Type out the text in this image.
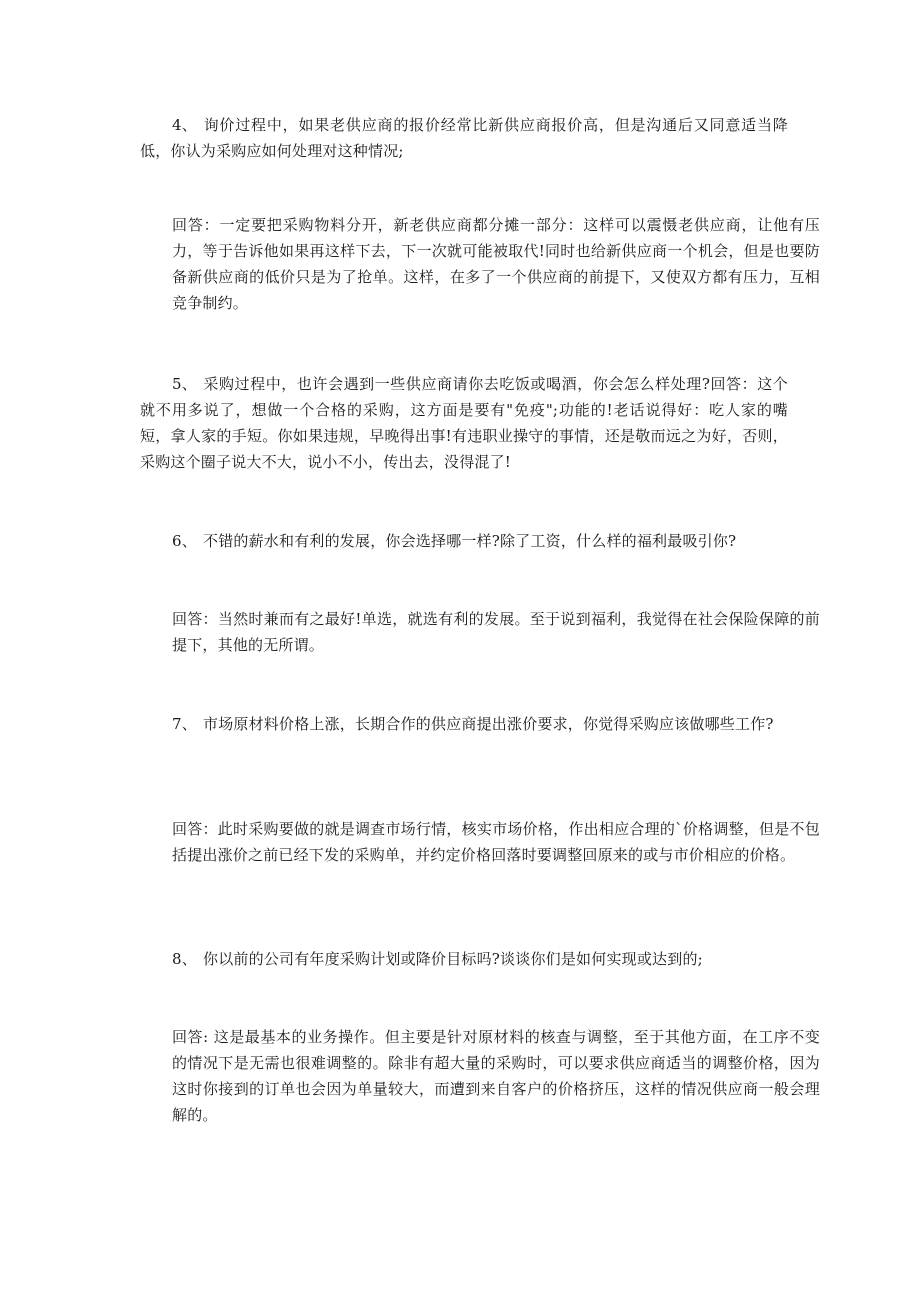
4、 询价过程中，如果老供应商的报价经常比新供应商报价高，但是沟通后又同意适当降低，你认为采购应如何处理对这种情况;

回答：一定要把采购物料分开，新老供应商都分摊一部分：这样可以震慑老供应商，让他有压力，等于告诉他如果再这样下去，下一次就可能被取代!同时也给新供应商一个机会，但是也要防备新供应商的低价只是为了抢单。这样，在多了一个供应商的前提下，又使双方都有压力，互相竞争制约。

5、 采购过程中，也许会遇到一些供应商请你去吃饭或喝酒，你会怎么样处理?回答：这个就不用多说了，想做一个合格的采购，这方面是要有"免疫";功能的!老话说得好：吃人家的嘴短，拿人家的手短。你如果违规，早晚得出事!有违职业操守的事情，还是敬而远之为好，否则，采购这个圈子说大不大，说小不小，传出去，没得混了!

6、 不错的薪水和有利的发展，你会选择哪一样?除了工资，什么样的福利最吸引你?

回答：当然时兼而有之最好!单选，就选有利的发展。至于说到福利，我觉得在社会保险保障的前提下，其他的无所谓。

7、 市场原材料价格上涨，长期合作的供应商提出涨价要求，你觉得采购应该做哪些工作?

回答：此时采购要做的就是调查市场行情，核实市场价格，作出相应合理的`价格调整，但是不包括提出涨价之前已经下发的采购单，并约定价格回落时要调整回原来的或与市价相应的价格。

8、 你以前的公司有年度采购计划或降价目标吗?谈谈你们是如何实现或达到的;

回答: 这是最基本的业务操作。但主要是针对原材料的核查与调整，至于其他方面，在工序不变的情况下是无需也很难调整的。除非有超大量的采购时，可以要求供应商适当的调整价格，因为这时你接到的订单也会因为单量较大，而遭到来自客户的价格挤压，这样的情况供应商一般会理解的。
